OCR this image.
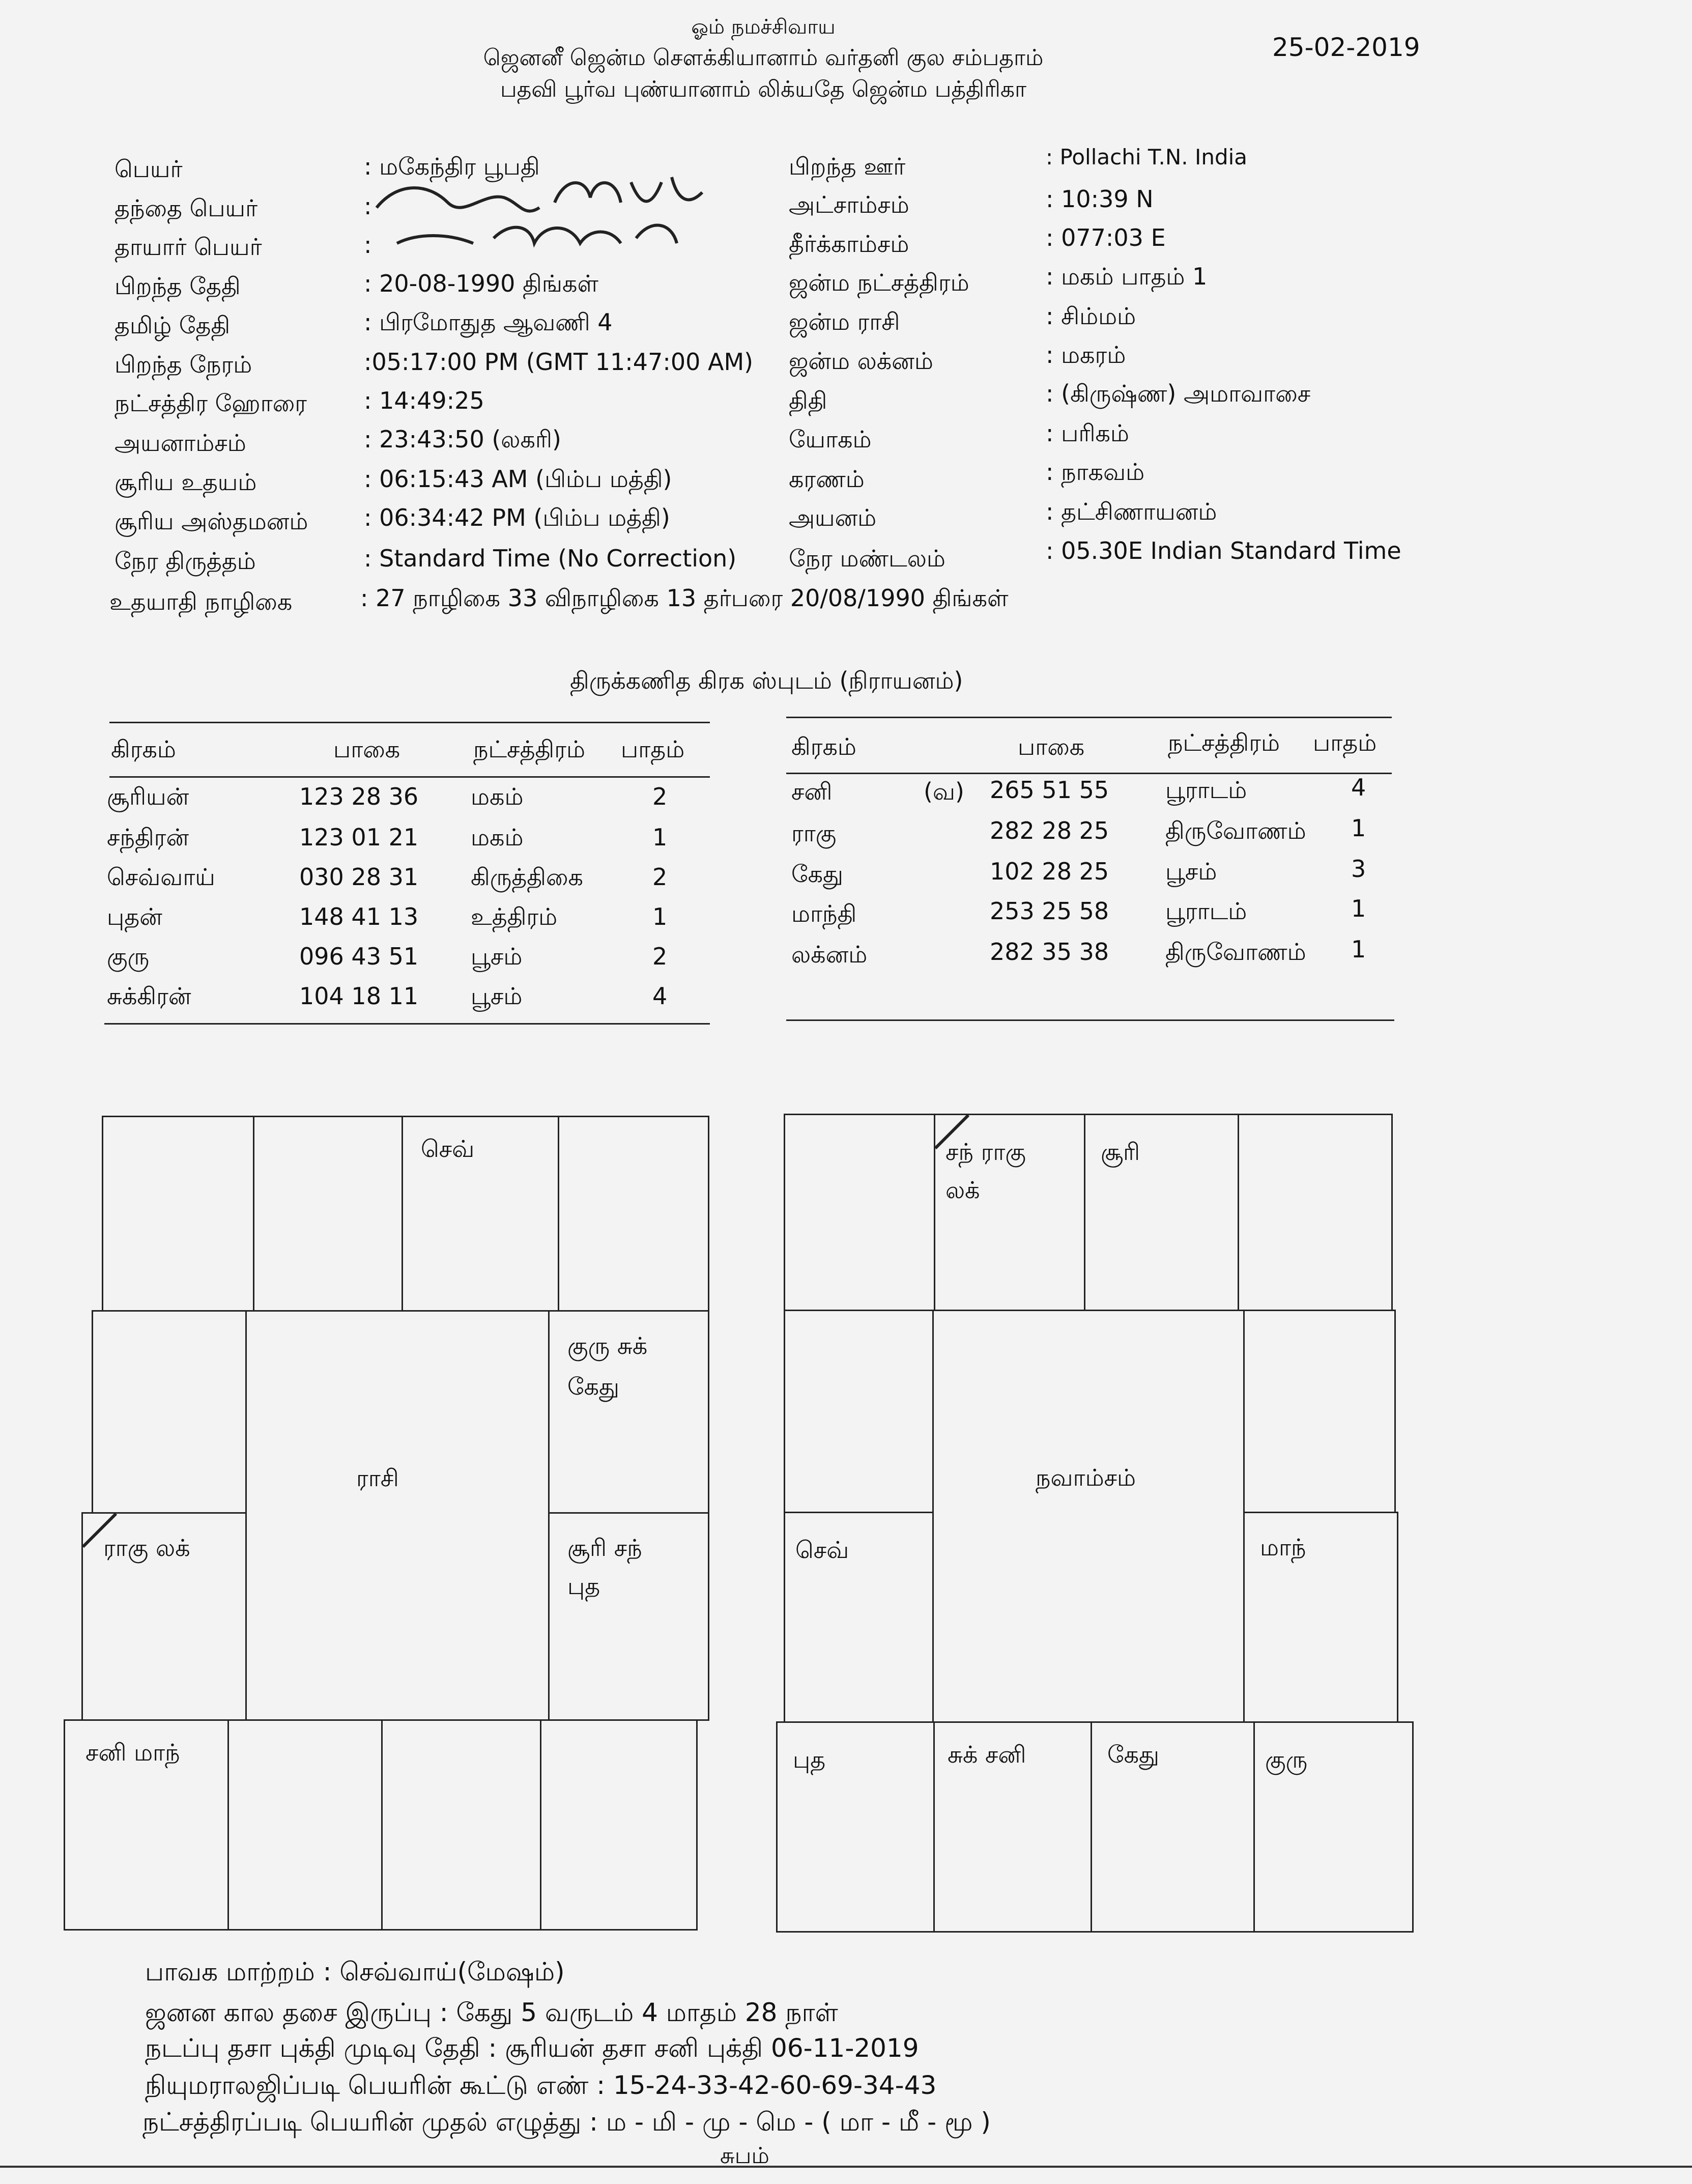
ஓம் நமச்சிவாய
ஜெனனீ ஜென்ம சௌக்கியானாம் வர்தனி குல சம்பதாம்
பதவி பூர்வ புண்யானாம் லிக்யதே ஜென்ம பத்திரிகா
25-02-2019
பெயர்	: மகேந்திர பூபதி
தந்தை பெயர்	:
தாயார் பெயர்	:
பிறந்த தேதி	: 20-08-1990 திங்கள்
தமிழ் தேதி	: பிரமோதுத ஆவணி 4
பிறந்த நேரம்	:05:17:00 PM (GMT 11:47:00 AM)
நட்சத்திர ஹோரை : 14:49:25
அயனாம்சம்	: 23:43:50 (லகரி)
சூரிய உதயம்	: 06:15:43 AM (பிம்ப மத்தி)
சூரிய அஸ்தமனம் : 06:34:42 PM (பிம்ப மத்தி)
நேர திருத்தம்	: Standard Time (No Correction)
உதயாதி நாழிகை	: 27 நாழிகை 33 விநாழிகை 13 தர்பரை 20/08/1990 திங்கள்
பிறந்த ஊர்	: Pollachi T.N. India
அட்சாம்சம்	: 10:39 N
தீர்க்காம்சம்	: 077:03 E
ஜன்ம நட்சத்திரம்	: மகம் பாதம் 1
ஜன்ம ராசி	: சிம்மம்
ஜன்ம லக்னம்	: மகரம்
திதி	: (கிருஷ்ண) அமாவாசை
யோகம்	: பரிகம்
கரணம்	: நாகவம்
அயனம்	: தட்சிணாயனம்
நேர மண்டலம்	: 05.30E Indian Standard Time
திருக்கணித கிரக ஸ்புடம் (நிராயனம்)
கிரகம்	பாகை	நட்சத்திரம் பாதம்
சூரியன்	123 28 36 மகம்	2
சந்திரன்	123 01 21 மகம்	1
செவ்வாய்	030 28 31 கிருத்திகை	2
புதன்	148 41 13 உத்திரம்	1
குரு	096 43 51 பூசம்	2
சுக்கிரன்	104 18 11 பூசம்	4
கிரகம்	பாகை	நட்சத்திரம் பாதம்
சனி	(வ) 265 51 55 பூராடம்	4
ராகு	282 28 25 திருவோணம் 1
கேது	102 28 25 பூசம்	3
மாந்தி	253 25 58 பூராடம்	1
லக்னம்	282 35 38 திருவோணம் 1
செவ்
ராகு லக்
ராசி
குரு சுக்
கேது
சூரி சந்
புத
சனி மாந்
சந் ராகு
லக்
சூரி
செவ்
நவாம்சம்
மாந்
புத	சுக் சனி	கேது	குரு
பாவக மாற்றம் : செவ்வாய்(மேஷம்)
ஜனன கால தசை இருப்பு : கேது 5 வருடம் 4 மாதம் 28 நாள்
நடப்பு தசா புக்தி முடிவு தேதி : சூரியன் தசா சனி புக்தி 06-11-2019
நியுமராலஜிப்படி பெயரின் கூட்டு எண் : 15-24-33-42-60-69-34-43
நட்சத்திரப்படி பெயரின் முதல் எழுத்து : ம - மி - மு - மெ - ( மா - மீ - மூ )
சுபம்
